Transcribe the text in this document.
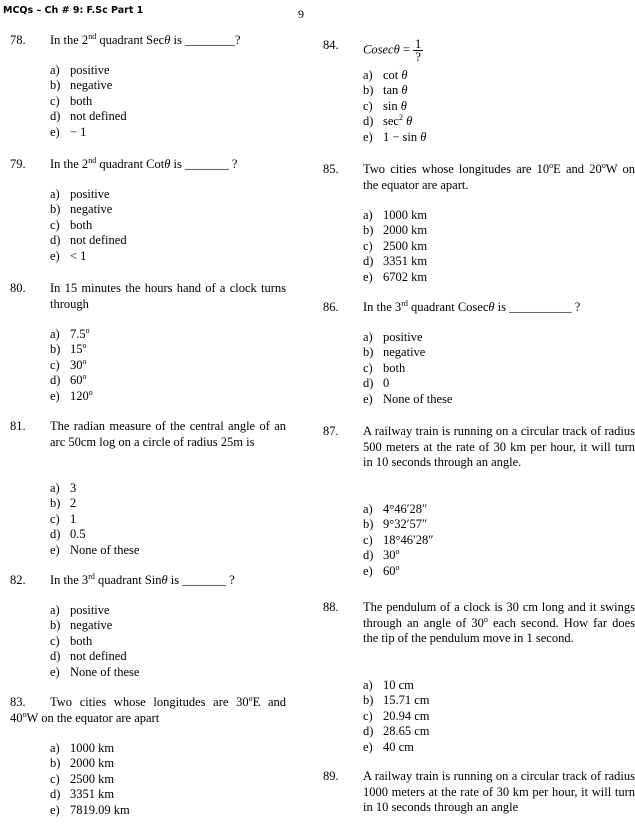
MCQs – Ch # 9: F.Sc Part 1	9
78. In the 2nd quadrant Secθ is ________?
a) positive
b) negative
c) both
d) not defined
e) − 1
79. In the 2nd quadrant Cotθ is _______ ?
a) positive
b) negative
c) both
d) not defined
e) < 1
80. In 15 minutes the hours hand of a clock turns through
a) 7.5$^o$
b) 15$^o$
c) 30$^o$
d) 60$^o$
e) 120$^o$
81. The radian measure of the central angle of an arc 50cm log on a circle of radius 25m is
a) 3
b) 2
c) 1
d) 0.5
e) None of these
82. In the 3rd quadrant Sinθ is _______ ?
a) positive
b) negative
c) both
d) not defined
e) None of these
83.	Two cities whose longitudes are 30$^o$E and 40$^o$W on the equator are apart
a) 1000 km
b) 2000 km
c) 2500 km
d) 3351 km
e) 7819.09 km
84. $Cosec\theta = \frac{1}{?}$
a) cot θ
b) tan θ
c) sin θ
d) $\sec^2 \theta$
e) 1 − sin θ
85. Two cities whose longitudes are 10$^o$E and 20$^o$W on the equator are apart.
a) 1000 km
b) 2000 km
c) 2500 km
d) 3351 km
e) 6702 km
86. In the 3rd quadrant Cosecθ is __________ ?
a) positive
b) negative
c) both
d) 0
e) None of these
87. A railway train is running on a circular track of radius 500 meters at the rate of 30 km per hour, it will turn in 10 seconds through an angle.
a) 4°46′28″
b) 9°32′57″
c) 18°46′28″
d) 30$^o$
e) 60$^o$
88. The pendulum of a clock is 30 cm long and it swings through an angle of 30$^o$ each second. How far does the tip of the pendulum move in 1 second.
a) 10 cm
b) 15.71 cm
c) 20.94 cm
d) 28.65 cm
e) 40 cm
89. A railway train is running on a circular track of radius 1000 meters at the rate of 30 km per hour, it will turn in 10 seconds through an angle
